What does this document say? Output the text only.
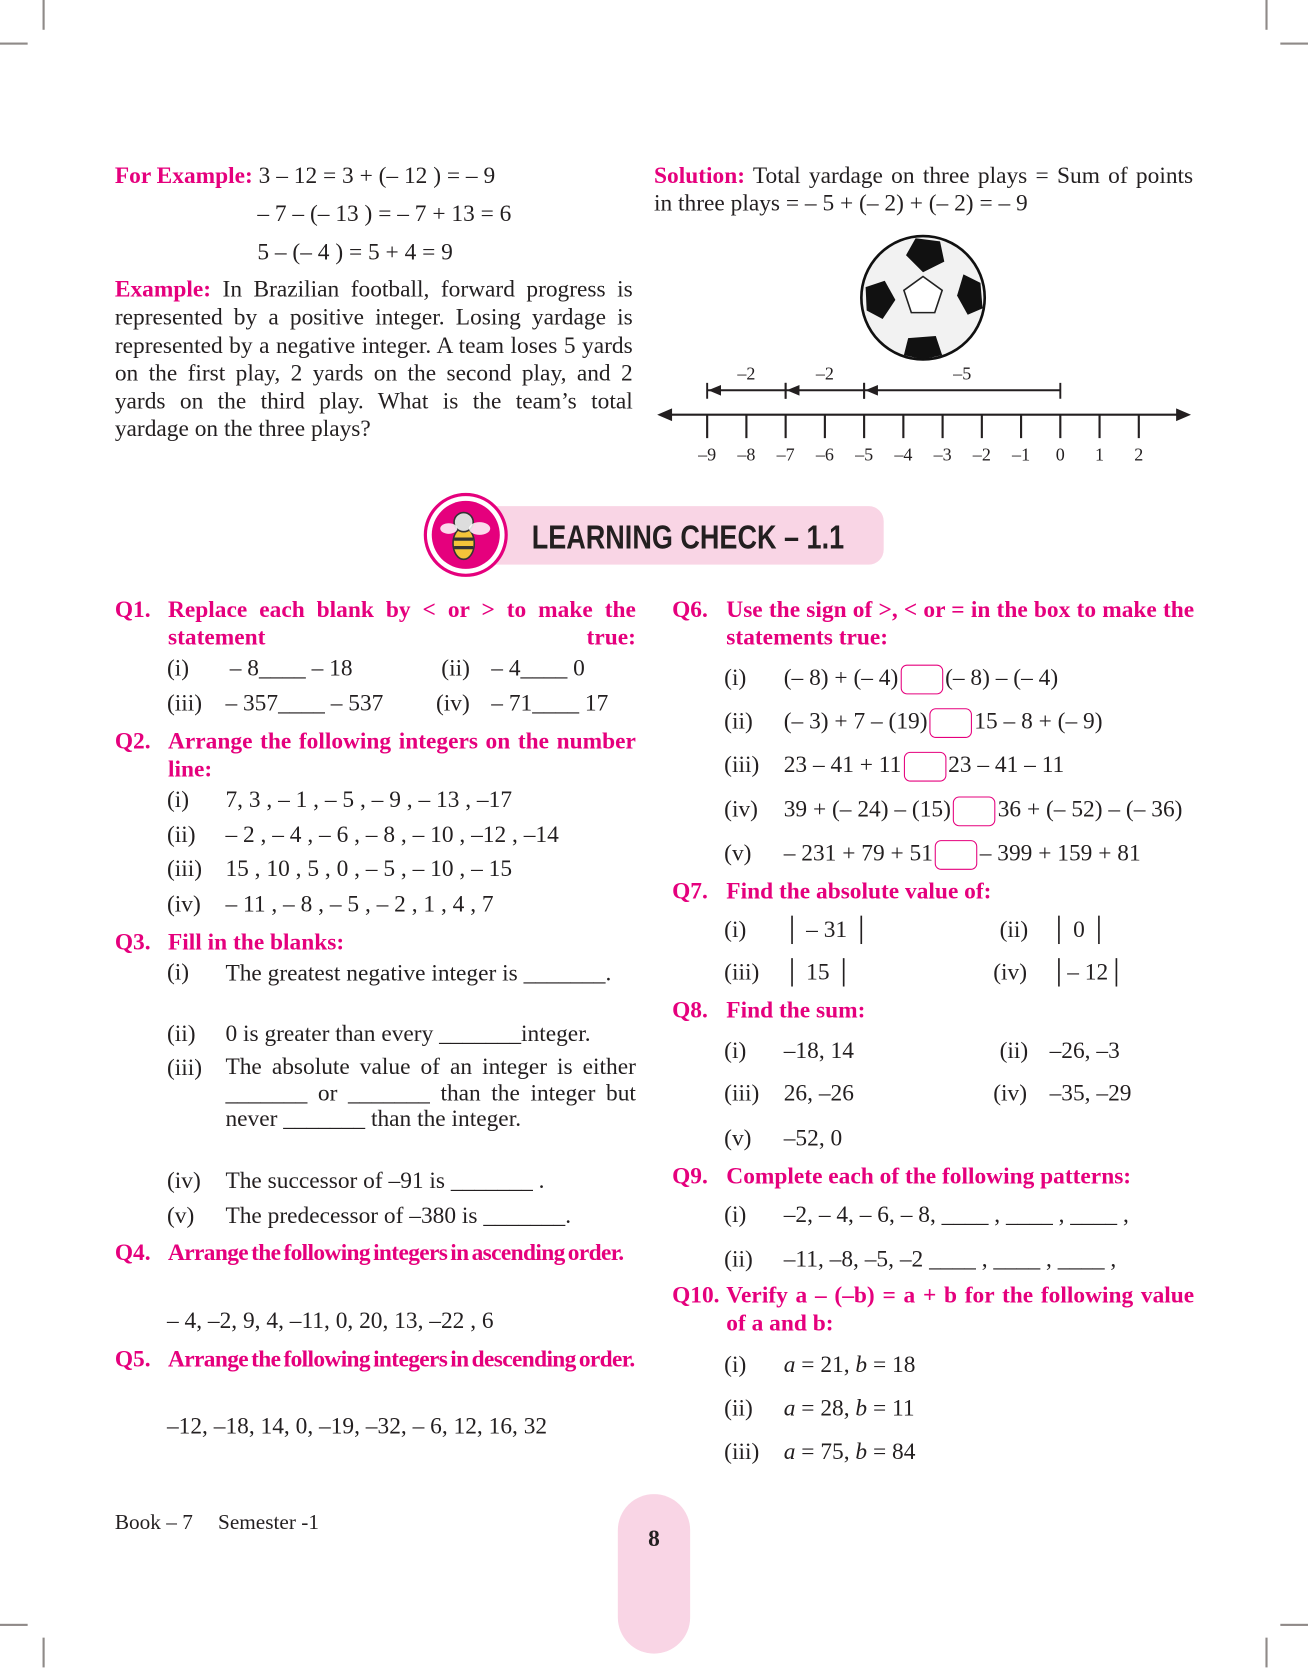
For Example: 3 – 12 = 3 + (– 12 ) = – 9
– 7 – (– 13 ) = – 7 + 13 = 6
5 – (– 4 ) = 5 + 4 = 9
Example: In Brazilian football, forward progress is represented by a positive integer. Losing yardage is represented by a negative integer. A team loses 5 yards on the first play, 2 yards on the second play, and 2 yards on the third play. What is the team’s total yardage on the three plays?
Solution: Total yardage on three plays = Sum of points in three plays = – 5 + (– 2) + (– 2) = – 9
–9 –8 –7 –6 –5 –4 –3 –2 –1 0 1 2
–2	–2	–5
LEARNING CHECK – 1.1
Q1. Replace each blank by < or > to make the statement true:
(i) – 8____ – 18	(ii) – 4____ 0
(iii) – 357____ – 537 (iv) – 71____ 17
Q2. Arrange the following integers on the number line:
(i) 7, 3 , – 1 , – 5 , – 9 , – 13 , –17
(ii) – 2 , – 4 , – 6 , – 8 , – 10 , –12 , –14
(iii) 15 , 10 , 5 , 0 , – 5 , – 10 , – 15
(iv) – 11 , – 8 , – 5 , – 2 , 1 , 4 , 7
Q3. Fill in the blanks:
(i) The greatest negative integer is _______.
(ii) 0 is greater than every _______integer.
(iii) The absolute value of an integer is either _______ or _______ than the integer but never _______ than the integer.
(iv) The successor of –91 is _______ .
(v) The predecessor of –380 is _______.
Q4. Arrange the following integers in ascending order.
– 4, –2, 9, 4, –11, 0, 20, 13, –22 , 6
Q5. Arrange the following integers in descending order.
–12, –18, 14, 0, –19, –32, – 6, 12, 16, 32
Q6. Use the sign of >, < or = in the box to make the statements true:
(i) (– 8) + (– 4) (– 8) – (– 4)
(ii) (– 3) + 7 – (19) 15 – 8 + (– 9)
(iii) 23 – 41 + 11 23 – 41 – 11
(iv) 39 + (– 24) – (15) 36 + (– 52) – (– 36)
(v) – 231 + 79 + 51 – 399 + 159 + 81
Q7. Find the absolute value of:
(i) │ – 31 │	(ii) │ 0 │
(iii) │ 15 │	(iv) │– 12│
Q8. Find the sum:
(i) –18, 14	(ii) –26, –3
(iii) 26, –26	(iv) –35, –29
(v) –52, 0
Q9. Complete each of the following patterns:
(i) –2, – 4, – 6, – 8, ____ , ____ , ____ ,
(ii) –11, –8, –5, –2 ____ , ____ , ____ ,
Q10. Verify a – (–b) = a + b for the following value of a and b:
(i) a = 21, b = 18
(ii) a = 28, b = 11
(iii) a = 75, b = 84
Book – 7 Semester -1
8
